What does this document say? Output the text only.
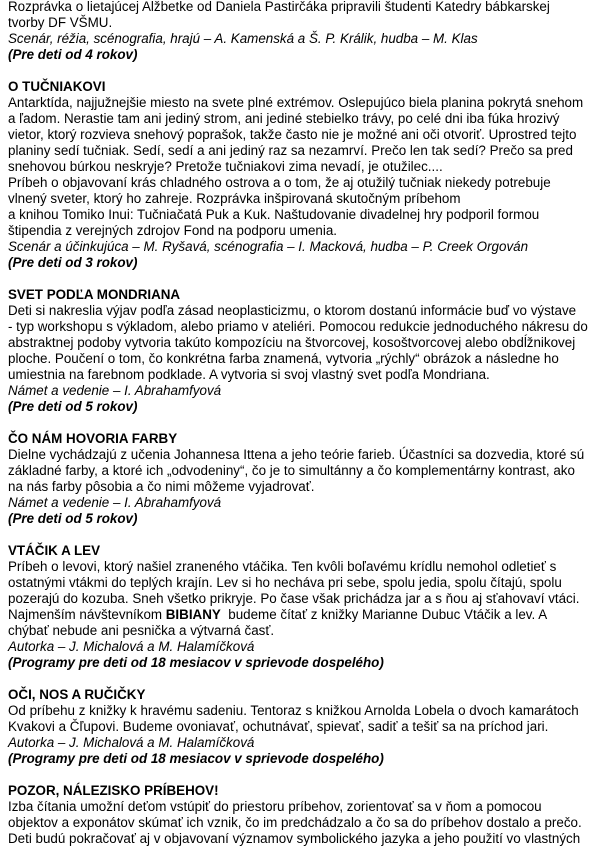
Rozprávka o lietajúcej Alžbetke od Daniela Pastirčáka pripravili študenti Katedry bábkarskej
tvorby DF VŠMU.
Scenár, réžia, scénografia, hrajú – A. Kamenská a Š. P. Králik, hudba – M. Klas
(Pre deti od 4 rokov)
O TUČNIAKOVI
Antarktída, najjužnejšie miesto na svete plné extrémov. Oslepujúco biela planina pokrytá snehom
a ľadom. Nerastie tam ani jediný strom, ani jediné stebielko trávy, po celé dni iba fúka hrozivý
vietor, ktorý rozvieva snehový poprašok, takže často nie je možné ani oči otvoriť. Uprostred tejto
planiny sedí tučniak. Sedí, sedí a ani jediný raz sa nezamrví. Prečo len tak sedí? Prečo sa pred
snehovou búrkou neskryje? Pretože tučniakovi zima nevadí, je otužilec....
Príbeh o objavovaní krás chladného ostrova a o tom, že aj otužilý tučniak niekedy potrebuje
vlnený sveter, ktorý ho zahreje. Rozprávka inšpirovaná skutočným príbehom
a knihou Tomiko Inui: Tučniačatá Puk a Kuk. Naštudovanie divadelnej hry podporil formou
štipendia z verejných zdrojov Fond na podporu umenia.
Scenár a účinkujúca – M. Ryšavá, scénografia – I. Macková, hudba – P. Creek Orgován
(Pre deti od 3 rokov)
SVET PODĽA MONDRIANA
Deti si nakreslia výjav podľa zásad neoplasticizmu, o ktorom dostanú informácie buď vo výstave
- typ workshopu s výkladom, alebo priamo v ateliéri. Pomocou redukcie jednoduchého nákresu do
abstraktnej podoby vytvoria takúto kompozíciu na štvorcovej, kosoštvorcovej alebo obdĺžnikovej
ploche. Poučení o tom, čo konkrétna farba znamená, vytvoria „rýchly“ obrázok a následne ho
umiestnia na farebnom podklade. A vytvoria si svoj vlastný svet podľa Mondriana.
Námet a vedenie – I. Abrahamfyová
(Pre deti od 5 rokov)
ČO NÁM HOVORIA FARBY
Dielne vychádzajú z učenia Johannesa Ittena a jeho teórie farieb. Účastníci sa dozvedia, ktoré sú
základné farby, a ktoré ich „odvodeniny“, čo je to simultánny a čo komplementárny kontrast, ako
na nás farby pôsobia a čo nimi môžeme vyjadrovať.
Námet a vedenie – I. Abrahamfyová
(Pre deti od 5 rokov)
VTÁČIK A LEV
Príbeh o levovi, ktorý našiel zraneného vtáčika. Ten kvôli boľavému krídlu nemohol odletieť s
ostatnými vtákmi do teplých krajín. Lev si ho necháva pri sebe, spolu jedia, spolu čítajú, spolu
pozerajú do kozuba. Sneh všetko prikryje. Po čase však prichádza jar a s ňou aj sťahovaví vtáci.
Najmenším návštevníkom BIBIANY  budeme čítať z knižky Marianne Dubuc Vtáčik a lev. A
chýbať nebude ani pesnička a výtvarná časť.
Autorka – J. Michalová a M. Halamíčková
(Programy pre deti od 18 mesiacov v sprievode dospelého)
OČI, NOS A RUČIČKY
Od príbehu z knižky k hravému sadeniu. Tentoraz s knižkou Arnolda Lobela o dvoch kamarátoch
Kvakovi a Čľupovi. Budeme ovoniavať, ochutnávať, spievať, sadiť a tešiť sa na príchod jari.
Autorka – J. Michalová a M. Halamíčková
(Programy pre deti od 18 mesiacov v sprievode dospelého)
POZOR, NÁLEZISKO PRÍBEHOV!
Izba čítania umožní deťom vstúpiť do priestoru príbehov, zorientovať sa v ňom a pomocou
objektov a exponátov skúmať ich vznik, čo im predchádzalo a čo sa do príbehov dostalo a prečo.
Deti budú pokračovať aj v objavovaní významov symbolického jazyka a jeho použití vo vlastných
